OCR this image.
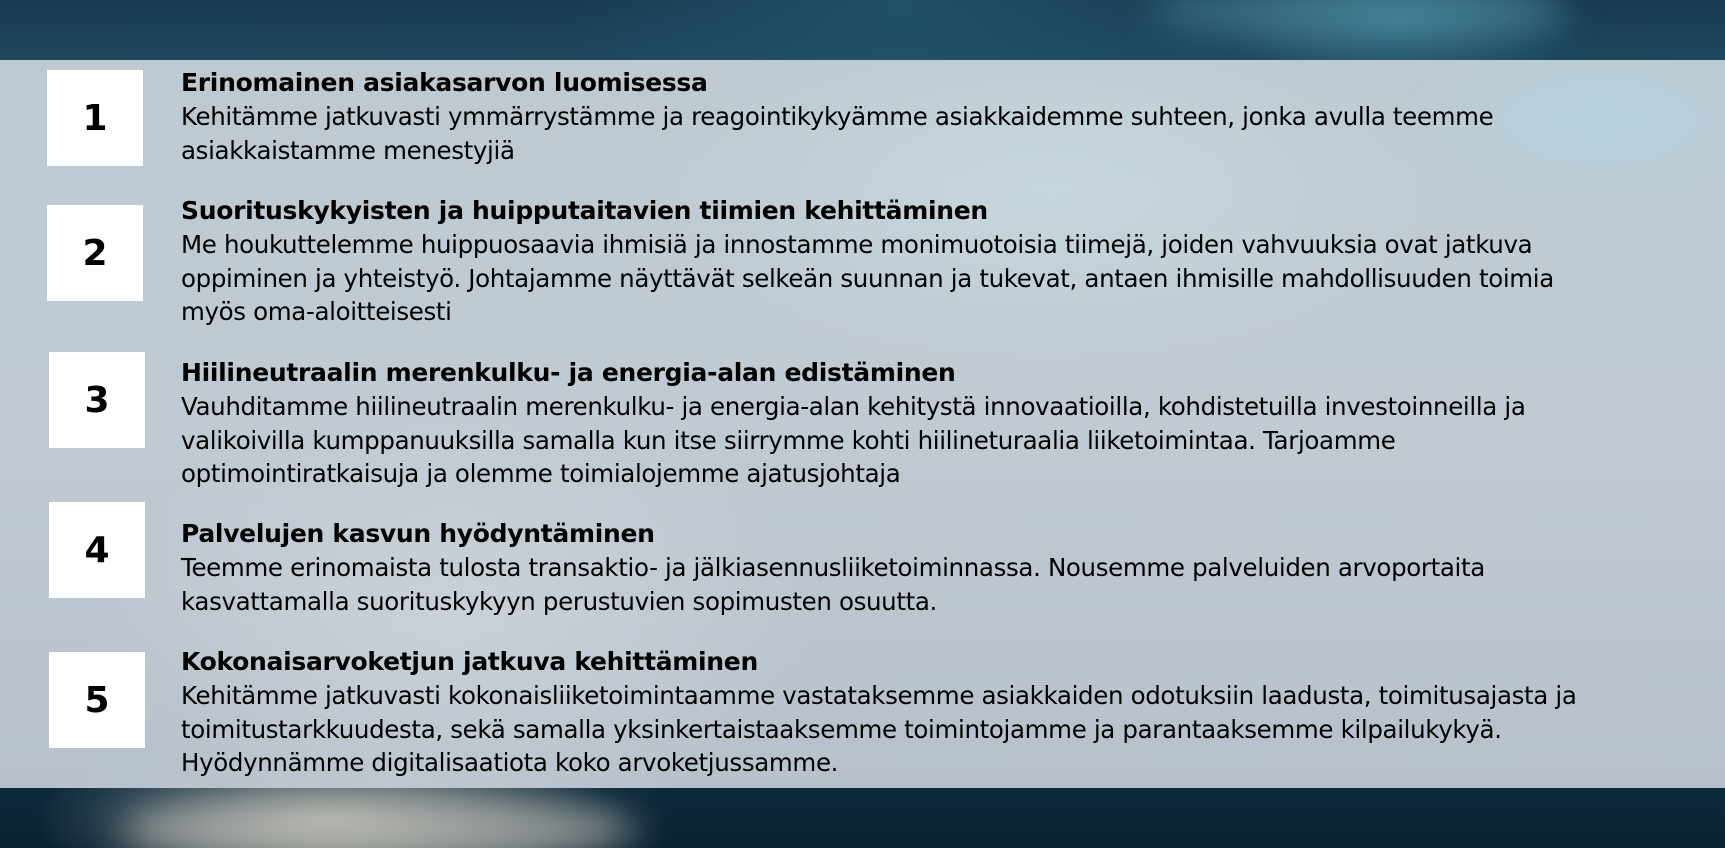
1
Erinomainen asiakasarvon luomisessa
Kehitämme jatkuvasti ymmärrystämme ja reagointikykyämme asiakkaidemme suhteen, jonka avulla teemme
asiakkaistamme menestyjiä
2
Suorituskykyisten ja huipputaitavien tiimien kehittäminen
Me houkuttelemme huippuosaavia ihmisiä ja innostamme monimuotoisia tiimejä, joiden vahvuuksia ovat jatkuva
oppiminen ja yhteistyö. Johtajamme näyttävät selkeän suunnan ja tukevat, antaen ihmisille mahdollisuuden toimia
myös oma-aloitteisesti
3
Hiilineutraalin merenkulku- ja energia-alan edistäminen
Vauhditamme hiilineutraalin merenkulku- ja energia-alan kehitystä innovaatioilla, kohdistetuilla investoinneilla ja
valikoivilla kumppanuuksilla samalla kun itse siirrymme kohti hiilineturaalia liiketoimintaa. Tarjoamme
optimointiratkaisuja ja olemme toimialojemme ajatusjohtaja
4	Palvelujen kasvun hyödyntäminen
Teemme erinomaista tulosta transaktio- ja jälkiasennusliiketoiminnassa. Nousemme palveluiden arvoportaita
kasvattamalla suorituskykyyn perustuvien sopimusten osuutta.
5
Kokonaisarvoketjun jatkuva kehittäminen
Kehitämme jatkuvasti kokonaisliiketoimintaamme vastataksemme asiakkaiden odotuksiin laadusta, toimitusajasta ja
toimitustarkkuudesta, sekä samalla yksinkertaistaaksemme toimintojamme ja parantaaksemme kilpailukykyä.
Hyödynnämme digitalisaatiota koko arvoketjussamme.
